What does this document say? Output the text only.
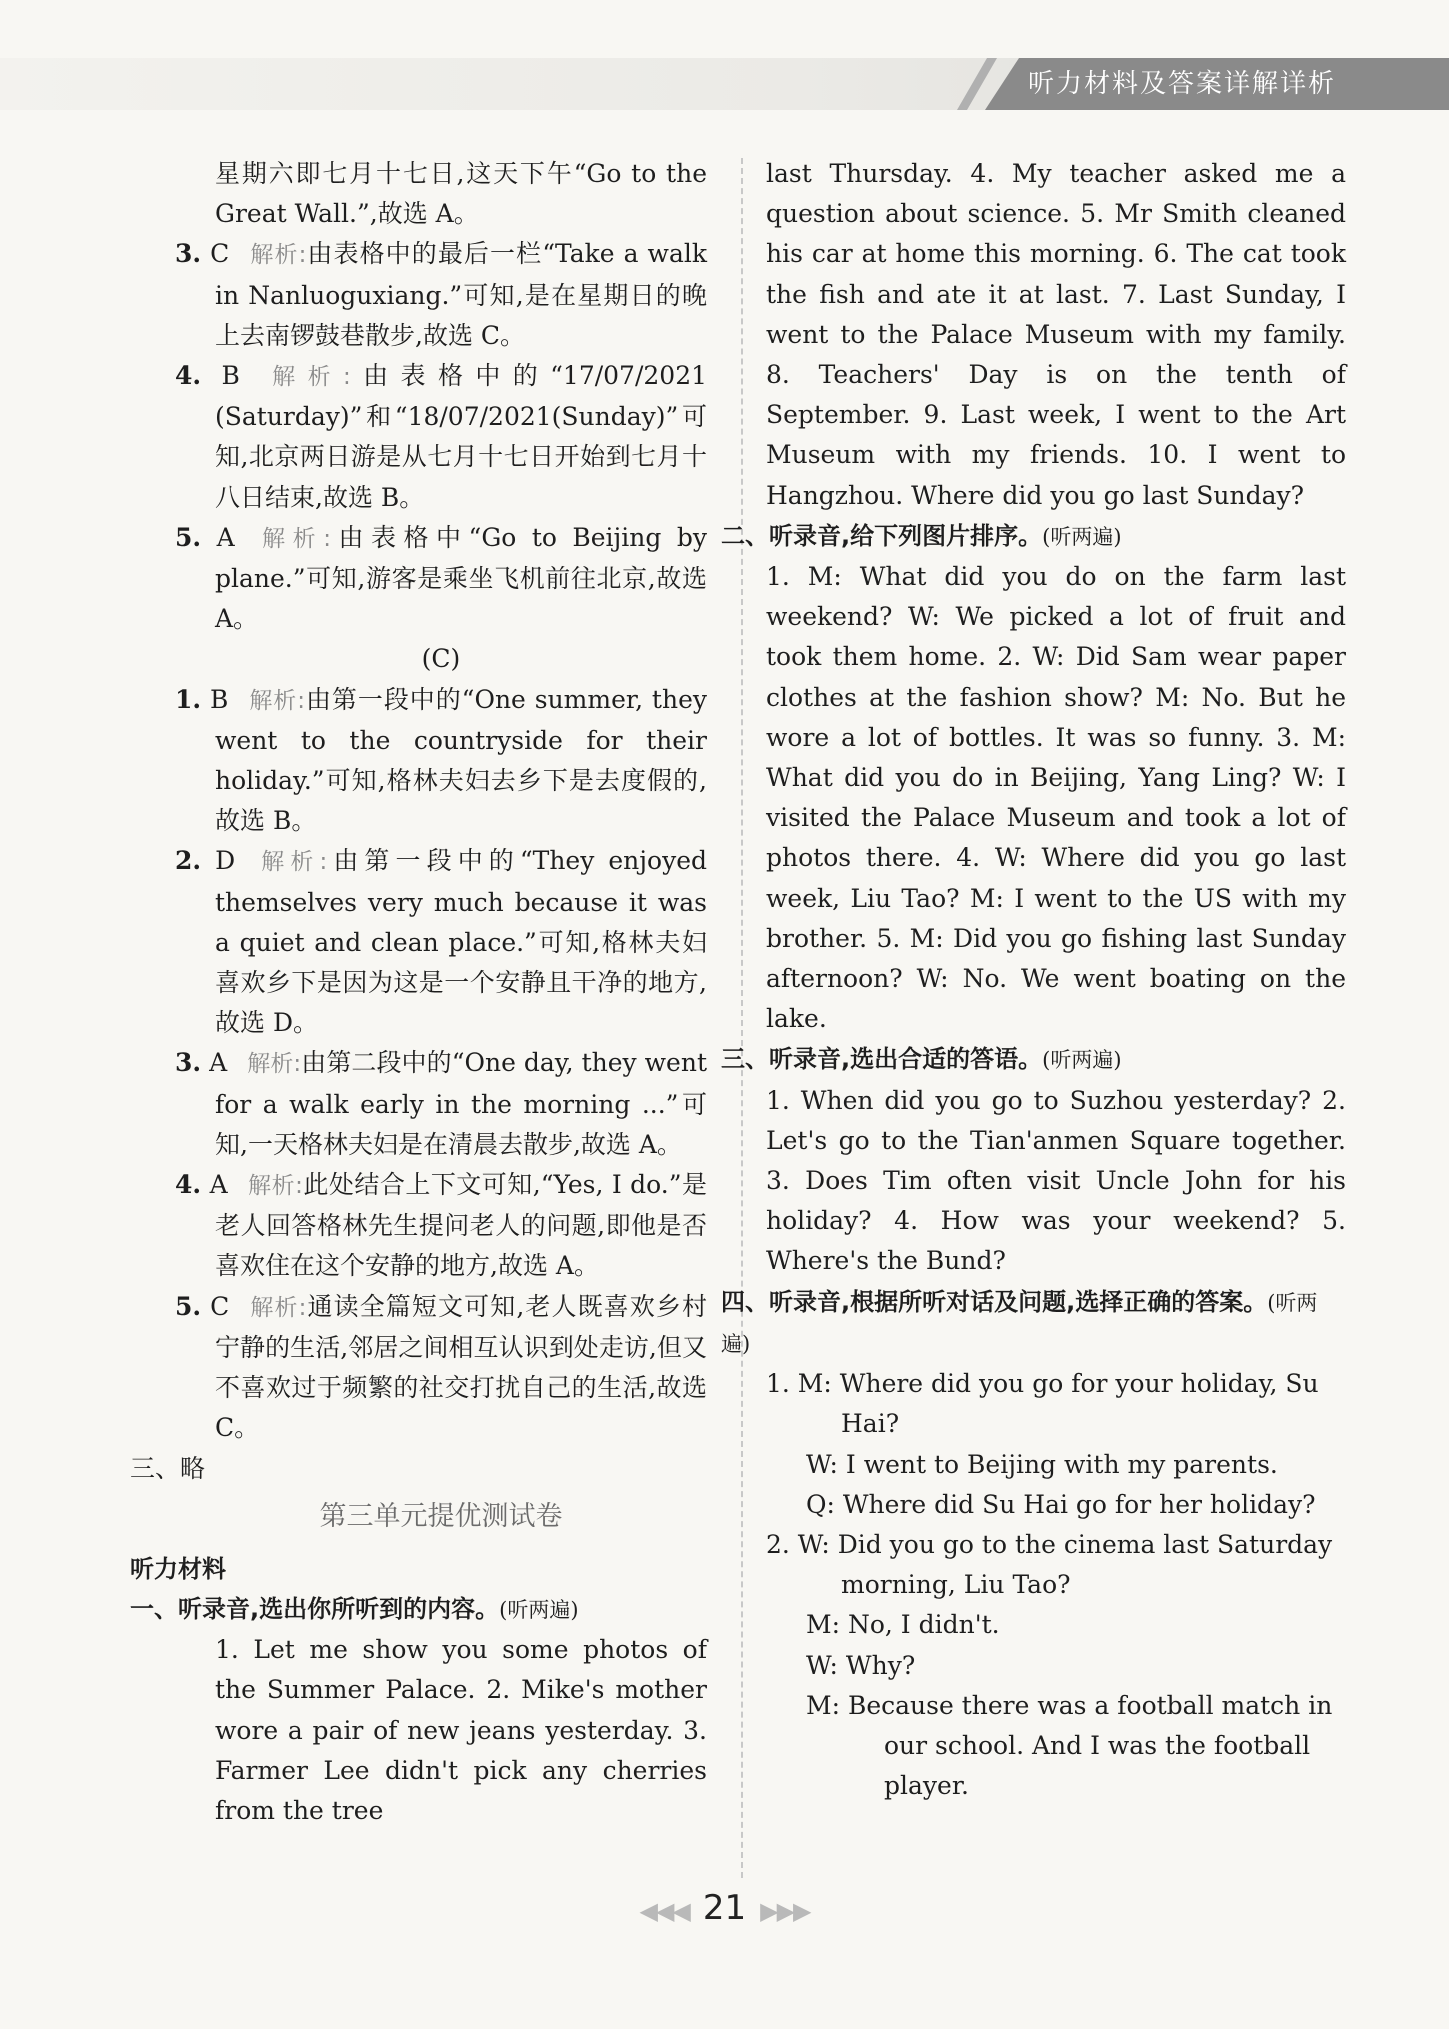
听力材料及答案详解详析

星期六即七月十七日,这天下午“Go to the Great Wall.”,故选 A。

3. C 解析:由表格中的最后一栏“Take a walk in Nanluoguxiang.”可知,是在星期日的晚上去南锣鼓巷散步,故选 C。

4. B 解析:由表格中的“17/07/2021 (Saturday)”和“18/07/2021(Sunday)”可知,北京两日游是从七月十七日开始到七月十八日结束,故选 B。

5. A 解析:由表格中“Go to Beijing by plane.”可知,游客是乘坐飞机前往北京,故选 A。

(C)

1. B 解析:由第一段中的“One summer, they went to the countryside for their holiday.”可知,格林夫妇去乡下是去度假的,故选 B。

2. D 解析:由第一段中的“They enjoyed themselves very much because it was a quiet and clean place.”可知,格林夫妇喜欢乡下是因为这是一个安静且干净的地方,故选 D。

3. A 解析:由第二段中的“One day, they went for a walk early in the morning ...”可知,一天格林夫妇是在清晨去散步,故选 A。

4. A 解析:此处结合上下文可知,“Yes, I do.”是老人回答格林先生提问老人的问题,即他是否喜欢住在这个安静的地方,故选 A。

5. C 解析:通读全篇短文可知,老人既喜欢乡村宁静的生活,邻居之间相互认识到处走访,但又不喜欢过于频繁的社交打扰自己的生活,故选 C。

三、略

第三单元提优测试卷

听力材料

一、听录音,选出你所听到的内容。(听两遍)

1. Let me show you some photos of the Summer Palace. 2. Mike's mother wore a pair of new jeans yesterday. 3. Farmer Lee didn't pick any cherries from the tree

last Thursday. 4. My teacher asked me a question about science. 5. Mr Smith cleaned his car at home this morning. 6. The cat took the fish and ate it at last. 7. Last Sunday, I went to the Palace Museum with my family. 8. Teachers' Day is on the tenth of September. 9. Last week, I went to the Art Museum with my friends. 10. I went to Hangzhou. Where did you go last Sunday?

二、听录音,给下列图片排序。(听两遍)

1. M: What did you do on the farm last weekend? W: We picked a lot of fruit and took them home. 2. W: Did Sam wear paper clothes at the fashion show? M: No. But he wore a lot of bottles. It was so funny. 3. M: What did you do in Beijing, Yang Ling? W: I visited the Palace Museum and took a lot of photos there. 4. W: Where did you go last week, Liu Tao? M: I went to the US with my brother. 5. M: Did you go fishing last Sunday afternoon? W: No. We went boating on the lake.

三、听录音,选出合适的答语。(听两遍)

1. When did you go to Suzhou yesterday? 2. Let's go to the Tian'anmen Square together. 3. Does Tim often visit Uncle John for his holiday? 4. How was your weekend? 5. Where's the Bund?

四、听录音,根据所听对话及问题,选择正确的答案。(听两遍)

1. M: Where did you go for your holiday, Su Hai?

W: I went to Beijing with my parents.

Q: Where did Su Hai go for her holiday?

2. W: Did you go to the cinema last Saturday morning, Liu Tao?

M: No, I didn't.

W: Why?

M: Because there was a football match in our school. And I was the football player.

◀◀◀ 21 ▶▶▶
